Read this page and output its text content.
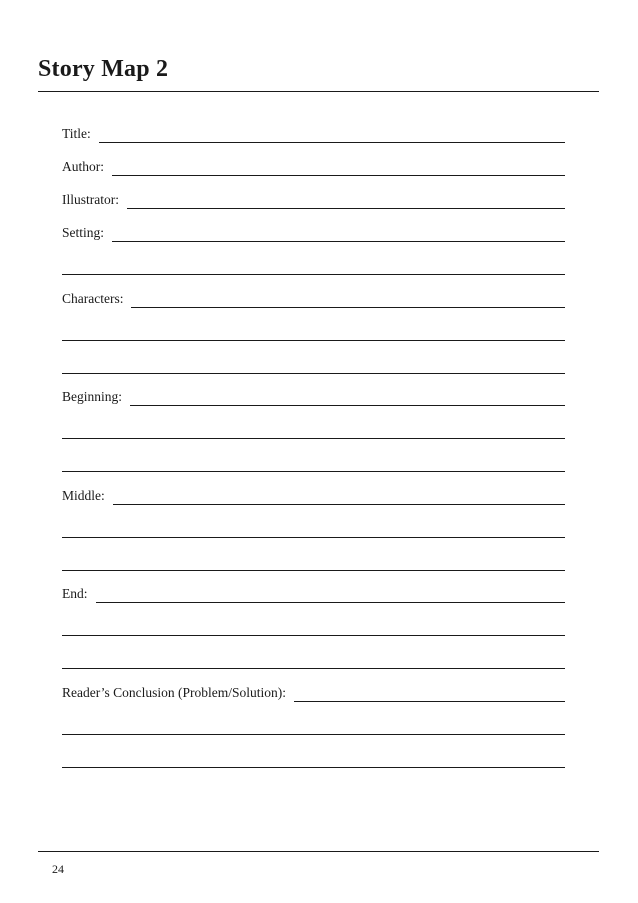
Story Map 2
Title:
Author:
Illustrator:
Setting:
Characters:
Beginning:
Middle:
End:
Reader’s Conclusion (Problem/Solution):
24
